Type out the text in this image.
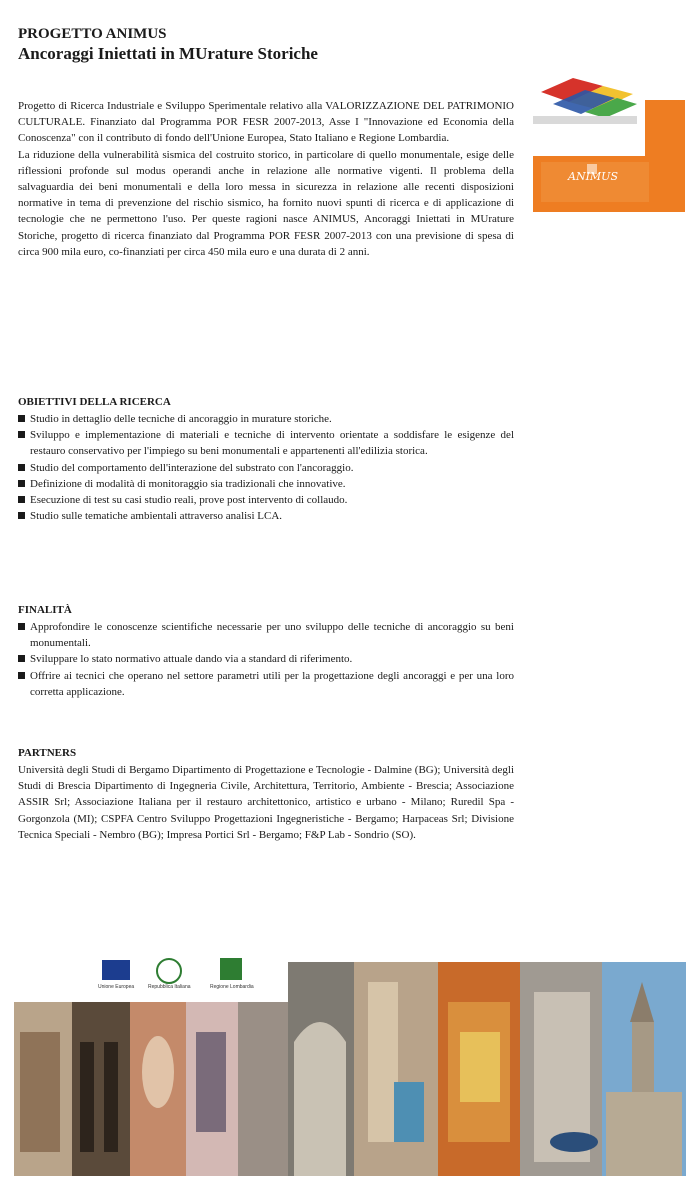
PROGETTO ANIMUS
Ancoraggi Iniettati in MUrature Storiche

Progetto di Ricerca Industriale e Sviluppo Sperimentale relativo alla VALORIZZAZIONE DEL PATRIMONIO CULTURALE. Finanziato dal Programma POR FESR 2007-2013, Asse I "Innovazione ed Economia della Conoscenza" con il contributo di fondo dell'Unione Europea, Stato Italiano e Regione Lombardia.

La riduzione della vulnerabilità sismica del costruito storico, in particolare di quello monumentale, esige delle riflessioni profonde sul modus operandi anche in relazione alle normative vigenti. Il problema della salvaguardia dei beni monumentali e della loro messa in sicurezza in relazione alle recenti disposizioni normative in tema di prevenzione del rischio sismico, ha fornito nuovi spunti di ricerca e di applicazione di tecnologie che ne permettono l'uso. Per queste ragioni nasce ANIMUS, Ancoraggi Iniettati in MUrature Storiche, progetto di ricerca finanziato dal Programma POR FESR 2007-2013 con una previsione di spesa di circa 900 mila euro, co-finanziati per circa 450 mila euro e una durata di 2 anni.

OBIETTIVI DELLA RICERCA
Studio in dettaglio delle tecniche di ancoraggio in murature storiche.
Sviluppo e implementazione di materiali e tecniche di intervento orientate a soddisfare le esigenze del restauro conservativo per l'impiego su beni monumentali e appartenenti all'edilizia storica.
Studio del comportamento dell'interazione del substrato con l'ancoraggio.
Definizione di modalità di monitoraggio sia tradizionali che innovative.
Esecuzione di test su casi studio reali, prove post intervento di collaudo.
Studio sulle tematiche ambientali attraverso analisi LCA.
FINALITÀ
Approfondire le conoscenze scientifiche necessarie per uno sviluppo delle tecniche di ancoraggio su beni monumentali.
Sviluppare lo stato normativo attuale dando via a standard di riferimento.
Offrire ai tecnici che operano nel settore parametri utili per la progettazione degli ancoraggi e per una loro corretta applicazione.
PARTNERS

Università degli Studi di Bergamo Dipartimento di Progettazione e Tecnologie - Dalmine (BG); Università degli Studi di Brescia Dipartimento di Ingegneria Civile, Architettura, Territorio, Ambiente - Brescia; Associazione ASSIR Srl; Associazione Italiana per il restauro architettonico, artistico e urbano - Milano; Ruredil Spa - Gorgonzola (MI); CSPFA Centro Sviluppo Progettazioni Ingegneristiche - Bergamo; Harpaceas Srl; Divisione Tecnica Speciali - Nembro (BG); Impresa Portici Srl - Bergamo; F&P Lab - Sondrio (SO).

ANIMUS
Unione Europea	Repubblica Italiana	Regione Lombardia
